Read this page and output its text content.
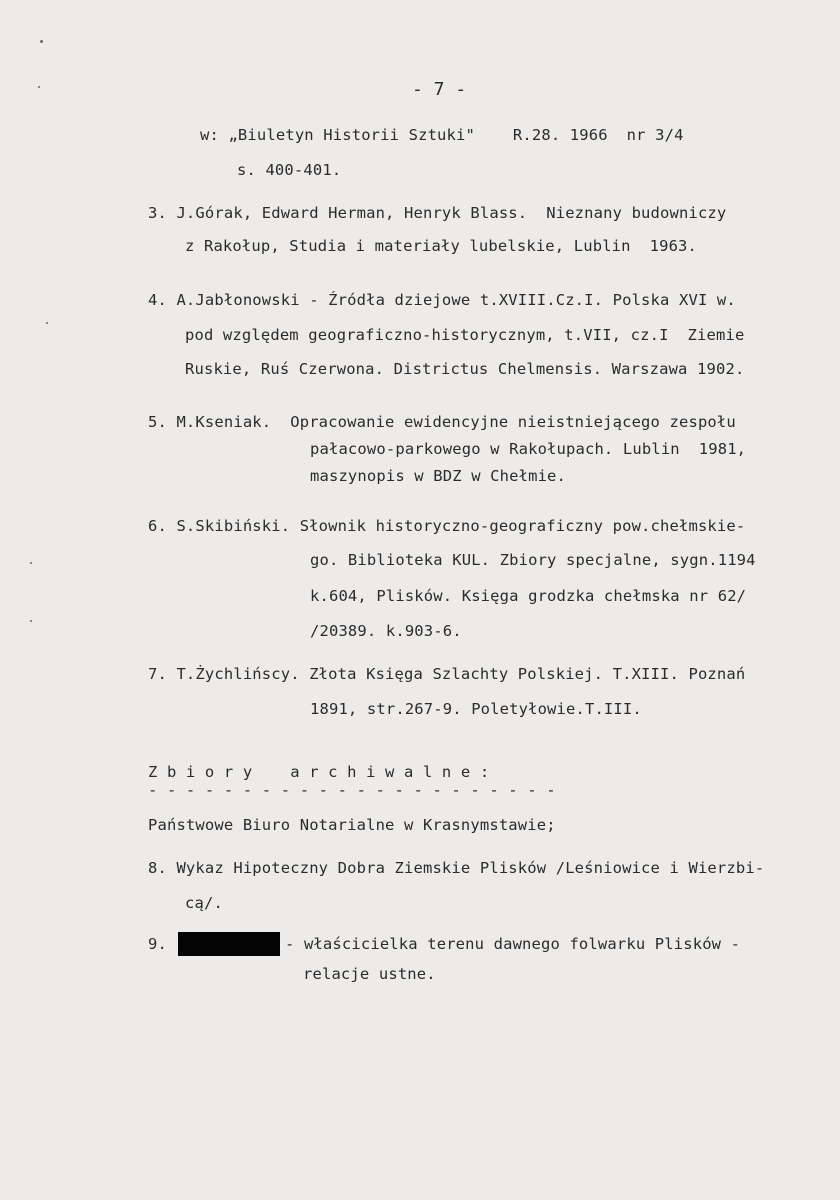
- 7 -
w: „Biuletyn Historii Sztuki"    R.28. 1966  nr 3/4
s. 400-401.
3. J.Górak, Edward Herman, Henryk Blass.  Nieznany budowniczy
z Rakołup, Studia i materiały lubelskie, Lublin  1963.
4. A.Jabłonowski - Źródła dziejowe t.XVIII.Cz.I. Polska XVI w.
pod względem geograficzno-historycznym, t.VII, cz.I  Ziemie
Ruskie, Ruś Czerwona. Districtus Chelmensis. Warszawa 1902.
5. M.Kseniak.  Opracowanie ewidencyjne nieistniejącego zespołu
pałacowo-parkowego w Rakołupach. Lublin  1981,
maszynopis w BDZ w Chełmie.
6. S.Skibiński. Słownik historyczno-geograficzny pow.chełmskie-
go. Biblioteka KUL. Zbiory specjalne, sygn.1194
k.604, Plisków. Księga grodzka chełmska nr 62/
/20389. k.903-6.
7. T.Żychlińscy. Złota Księga Szlachty Polskiej. T.XIII. Poznań
1891, str.267-9. Poletyłowie.T.III.
Z b i o r y    a r c h i w a l n e :
- - - - - - - - - - - - - - - - - - - - - -
Państwowe Biuro Notarialne w Krasnymstawie;
8. Wykaz Hipoteczny Dobra Ziemskie Plisków /Leśniowice i Wierzbi-
cą/.
9.	- właścicielka terenu dawnego folwarku Plisków -
relacje ustne.
